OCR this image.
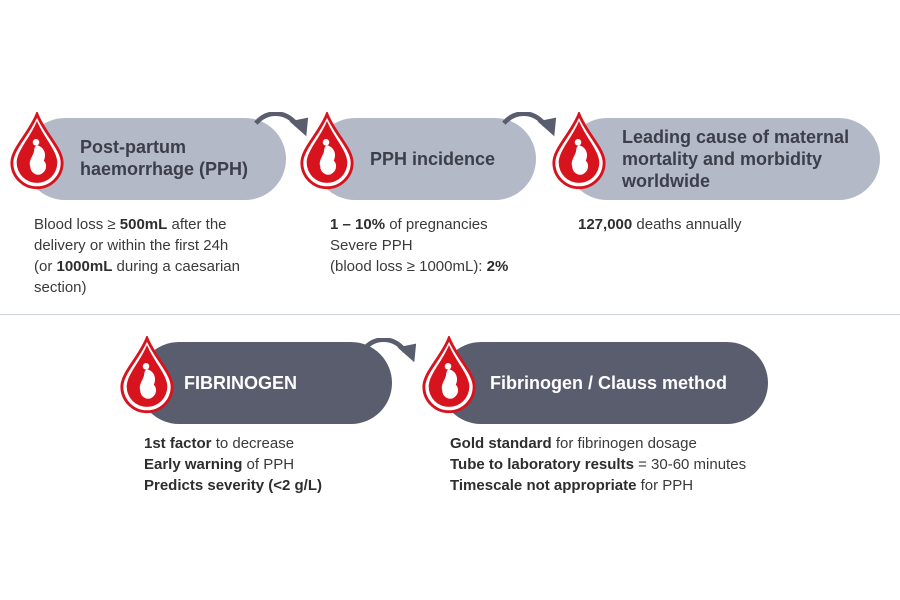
Post-partum
haemorrhage (PPH)
Blood loss ≥ 500mL after the
delivery or within the first 24h
(or 1000mL during a caesarian
section)
PPH incidence
1 – 10% of pregnancies
Severe PPH
(blood loss ≥ 1000mL): 2%
Leading cause of maternal
mortality and morbidity
worldwide
127,000 deaths annually
FIBRINOGEN
1st factor to decrease
Early warning of PPH
Predicts severity (<2 g/L)
Fibrinogen / Clauss method
Gold standard for fibrinogen dosage
Tube to laboratory results = 30-60 minutes
Timescale not appropriate for PPH
